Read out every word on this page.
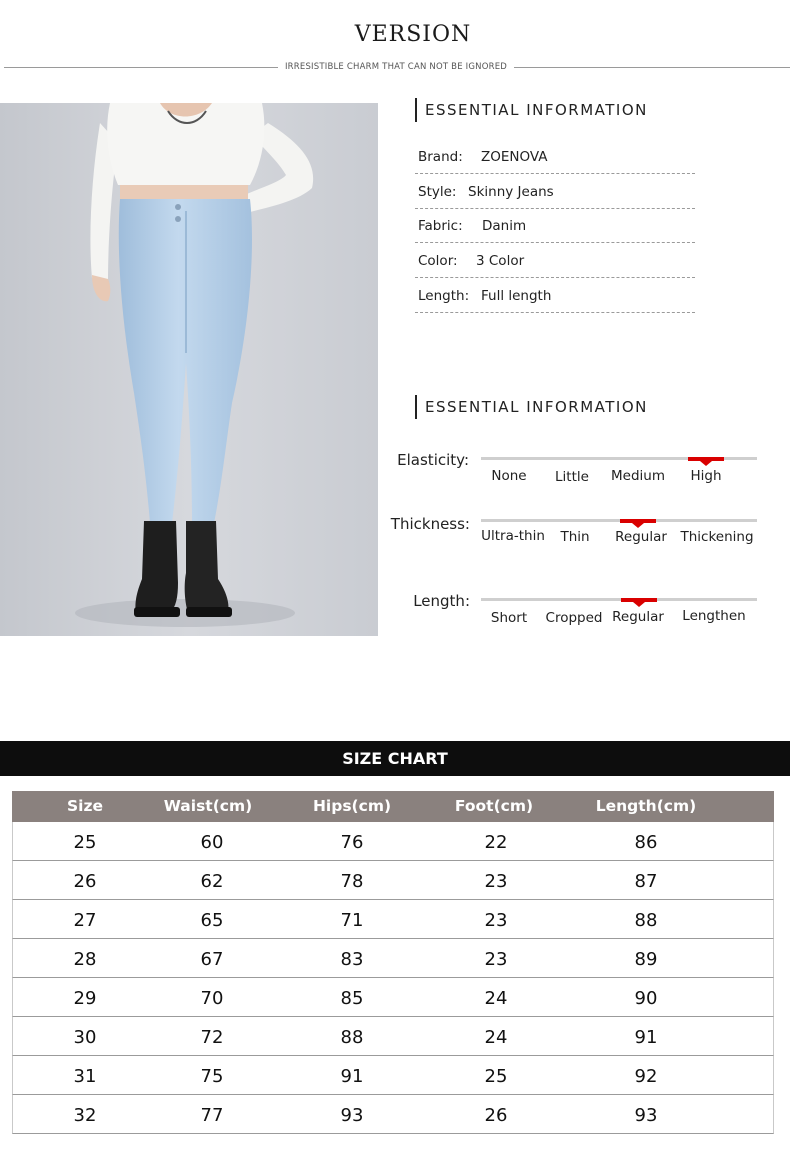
VERSION
IRRESISTIBLE CHARM THAT CAN NOT BE IGNORED
ESSENTIAL INFORMATION
Brand: ZOENOVA
Style: Skinny Jeans
Fabric: Danim
Color: 3 Color
Length: Full length
ESSENTIAL INFORMATION
Elasticity:
None Little Medium High
Thickness:
Ultra-thin Thin Regular Thickening
Length:
Short Cropped Regular Lengthen
SIZE CHART
Size	Waist(cm)	Hips(cm)	Foot(cm)	Length(cm)
25	60	76	22	86
26	62	78	23	87
27	65	71	23	88
28	67	83	23	89
29	70	85	24	90
30	72	88	24	91
31	75	91	25	92
32	77	93	26	93
